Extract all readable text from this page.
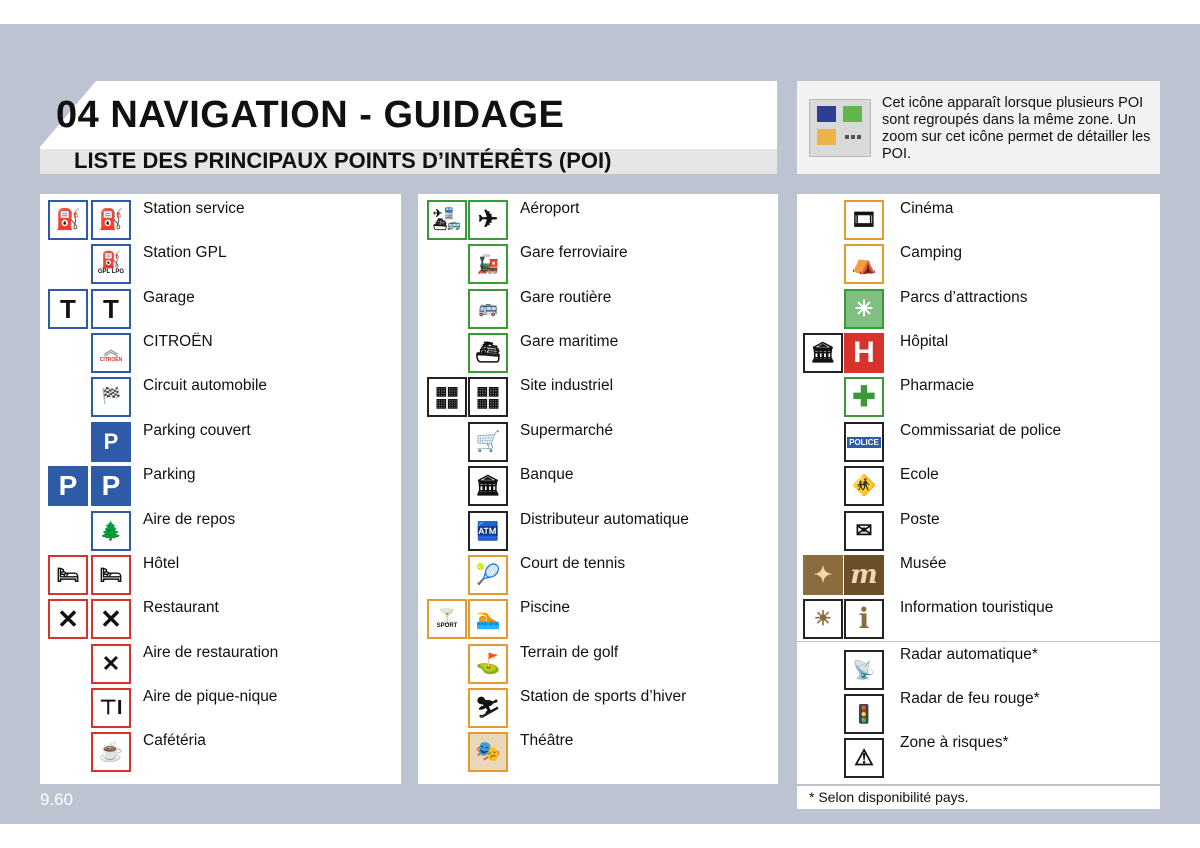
04 NAVIGATION - GUIDAGE
LISTE DES PRINCIPAUX POINTS D’INTÉRÊTS (POI)
Cet icône apparaît lorsque plusieurs POI sont regroupés dans la même zone. Un zoom sur cet icône permet de détailler les POI.
⛽ ⛽
Station service
⛽
GPL LPG
Station GPL
T T Garage
︽
CITROËN
CITROËN
🏁
Circuit automobile
P Parking couvert
P P Parking
🌲
Aire de repos
🛏 🛏
Hôtel
✕ ✕ Restaurant
✕ Aire de restauration
⊤I
Aire de pique-nique
☕
Cafétéria
✈🚆
⛴🚌 ✈ Aéroport
🚂
Gare ferroviaire
🚌
Gare routière
⛴
Gare maritime
▦▦
▦▦
▦▦
▦▦
Site industriel
🛒
Supermarché
🏛
Banque
🏧
Distributeur automatique
🎾
Court de tennis
🍸
SPORT 🏊
Piscine
⛳
Terrain de golf
⛷
Station de sports d’hiver
🎭
Théâtre
🎞
Cinéma
⛺
Camping
✳ Parcs d’attractions
🏛 H Hôpital
✚ Pharmacie
POLICE
Commissariat de police
🚸
Ecole
✉
Poste
✦ m Musée
☀ i Information touristique
📡
Radar automatique*
🚦
Radar de feu rouge*
⚠
Zone à risques*
* Selon disponibilité pays.
9.60
